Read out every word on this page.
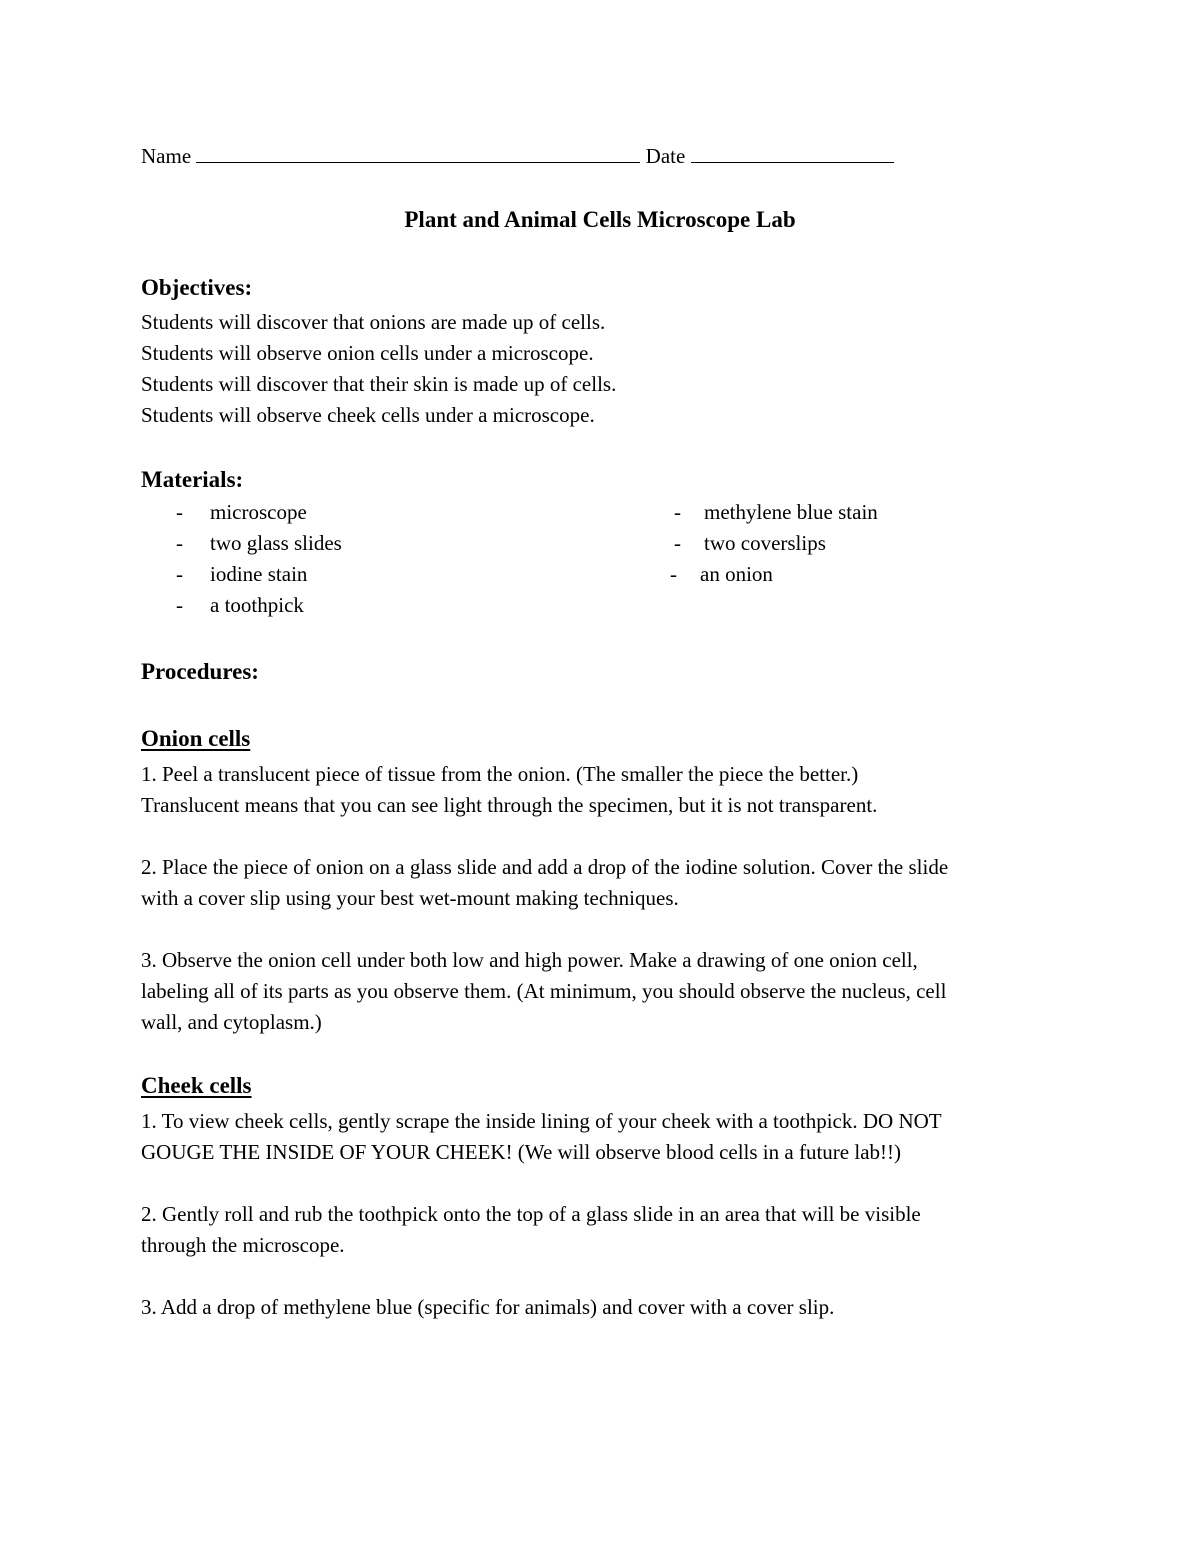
Name	Date
Plant and Animal Cells Microscope Lab
Objectives:
Students will discover that onions are made up of cells.
Students will observe onion cells under a microscope.
Students will discover that their skin is made up of cells.
Students will observe cheek cells under a microscope.
Materials:
- microscope
- two glass slides
- iodine stain
- a toothpick
- methylene blue stain
- two coverslips
- an onion
Procedures:
Onion cells
1. Peel a translucent piece of tissue from the onion. (The smaller the piece the better.)
Translucent means that you can see light through the specimen, but it is not transparent.
2. Place the piece of onion on a glass slide and add a drop of the iodine solution. Cover the slide
with a cover slip using your best wet-mount making techniques.
3. Observe the onion cell under both low and high power. Make a drawing of one onion cell,
labeling all of its parts as you observe them. (At minimum, you should observe the nucleus, cell
wall, and cytoplasm.)
Cheek cells
1. To view cheek cells, gently scrape the inside lining of your cheek with a toothpick. DO NOT
GOUGE THE INSIDE OF YOUR CHEEK! (We will observe blood cells in a future lab!!)
2. Gently roll and rub the toothpick onto the top of a glass slide in an area that will be visible
through the microscope.
3. Add a drop of methylene blue (specific for animals) and cover with a cover slip.
